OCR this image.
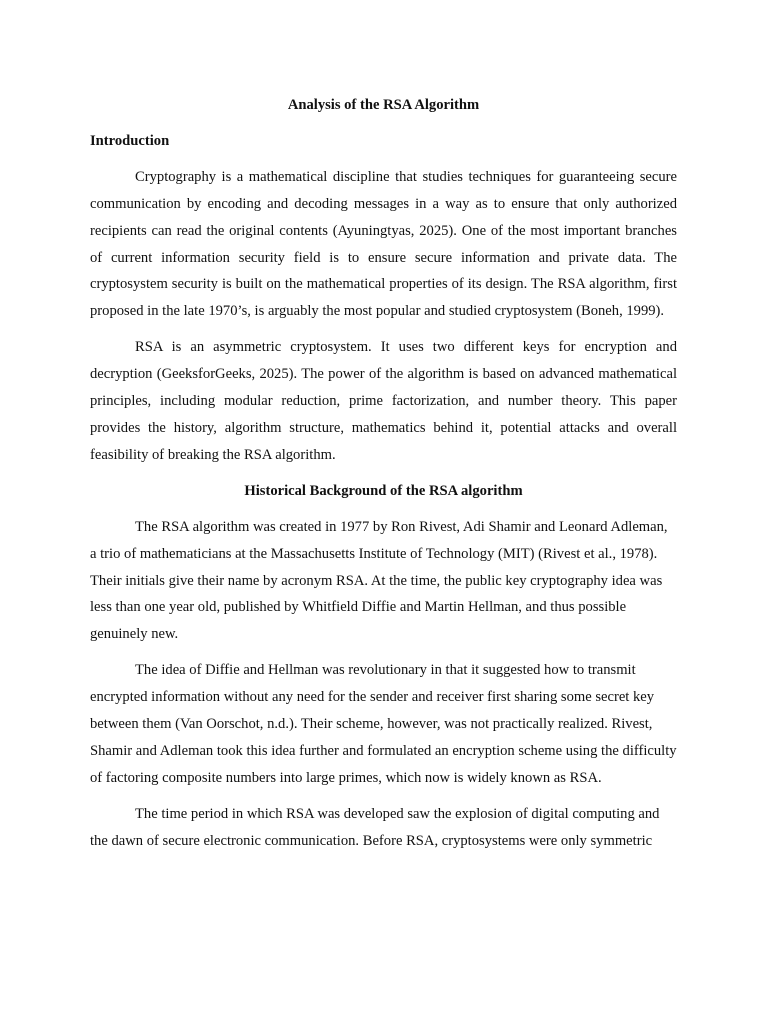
Analysis of the RSA Algorithm
Introduction

Cryptography is a mathematical discipline that studies techniques for guaranteeing secure communication by encoding and decoding messages in a way as to ensure that only authorized recipients can read the original contents (Ayuningtyas, 2025). One of the most important branches of current information security field is to ensure secure information and private data. The cryptosystem security is built on the mathematical properties of its design. The RSA algorithm, first proposed in the late 1970’s, is arguably the most popular and studied cryptosystem (Boneh, 1999).

RSA is an asymmetric cryptosystem. It uses two different keys for encryption and decryption (GeeksforGeeks, 2025). The power of the algorithm is based on advanced mathematical principles, including modular reduction, prime factorization, and number theory. This paper provides the history, algorithm structure, mathematics behind it, potential attacks and overall feasibility of breaking the RSA algorithm.

Historical Background of the RSA algorithm

The RSA algorithm was created in 1977 by Ron Rivest, Adi Shamir and Leonard Adleman, a trio of mathematicians at the Massachusetts Institute of Technology (MIT) (Rivest et al., 1978). Their initials give their name by acronym RSA. At the time, the public key cryptography idea was less than one year old, published by Whitfield Diffie and Martin Hellman, and thus possible genuinely new.

The idea of Diffie and Hellman was revolutionary in that it suggested how to transmit encrypted information without any need for the sender and receiver first sharing some secret key between them (Van Oorschot, n.d.). Their scheme, however, was not practically realized. Rivest, Shamir and Adleman took this idea further and formulated an encryption scheme using the difficulty of factoring composite numbers into large primes, which now is widely known as RSA.

The time period in which RSA was developed saw the explosion of digital computing and the dawn of secure electronic communication. Before RSA, cryptosystems were only symmetric
